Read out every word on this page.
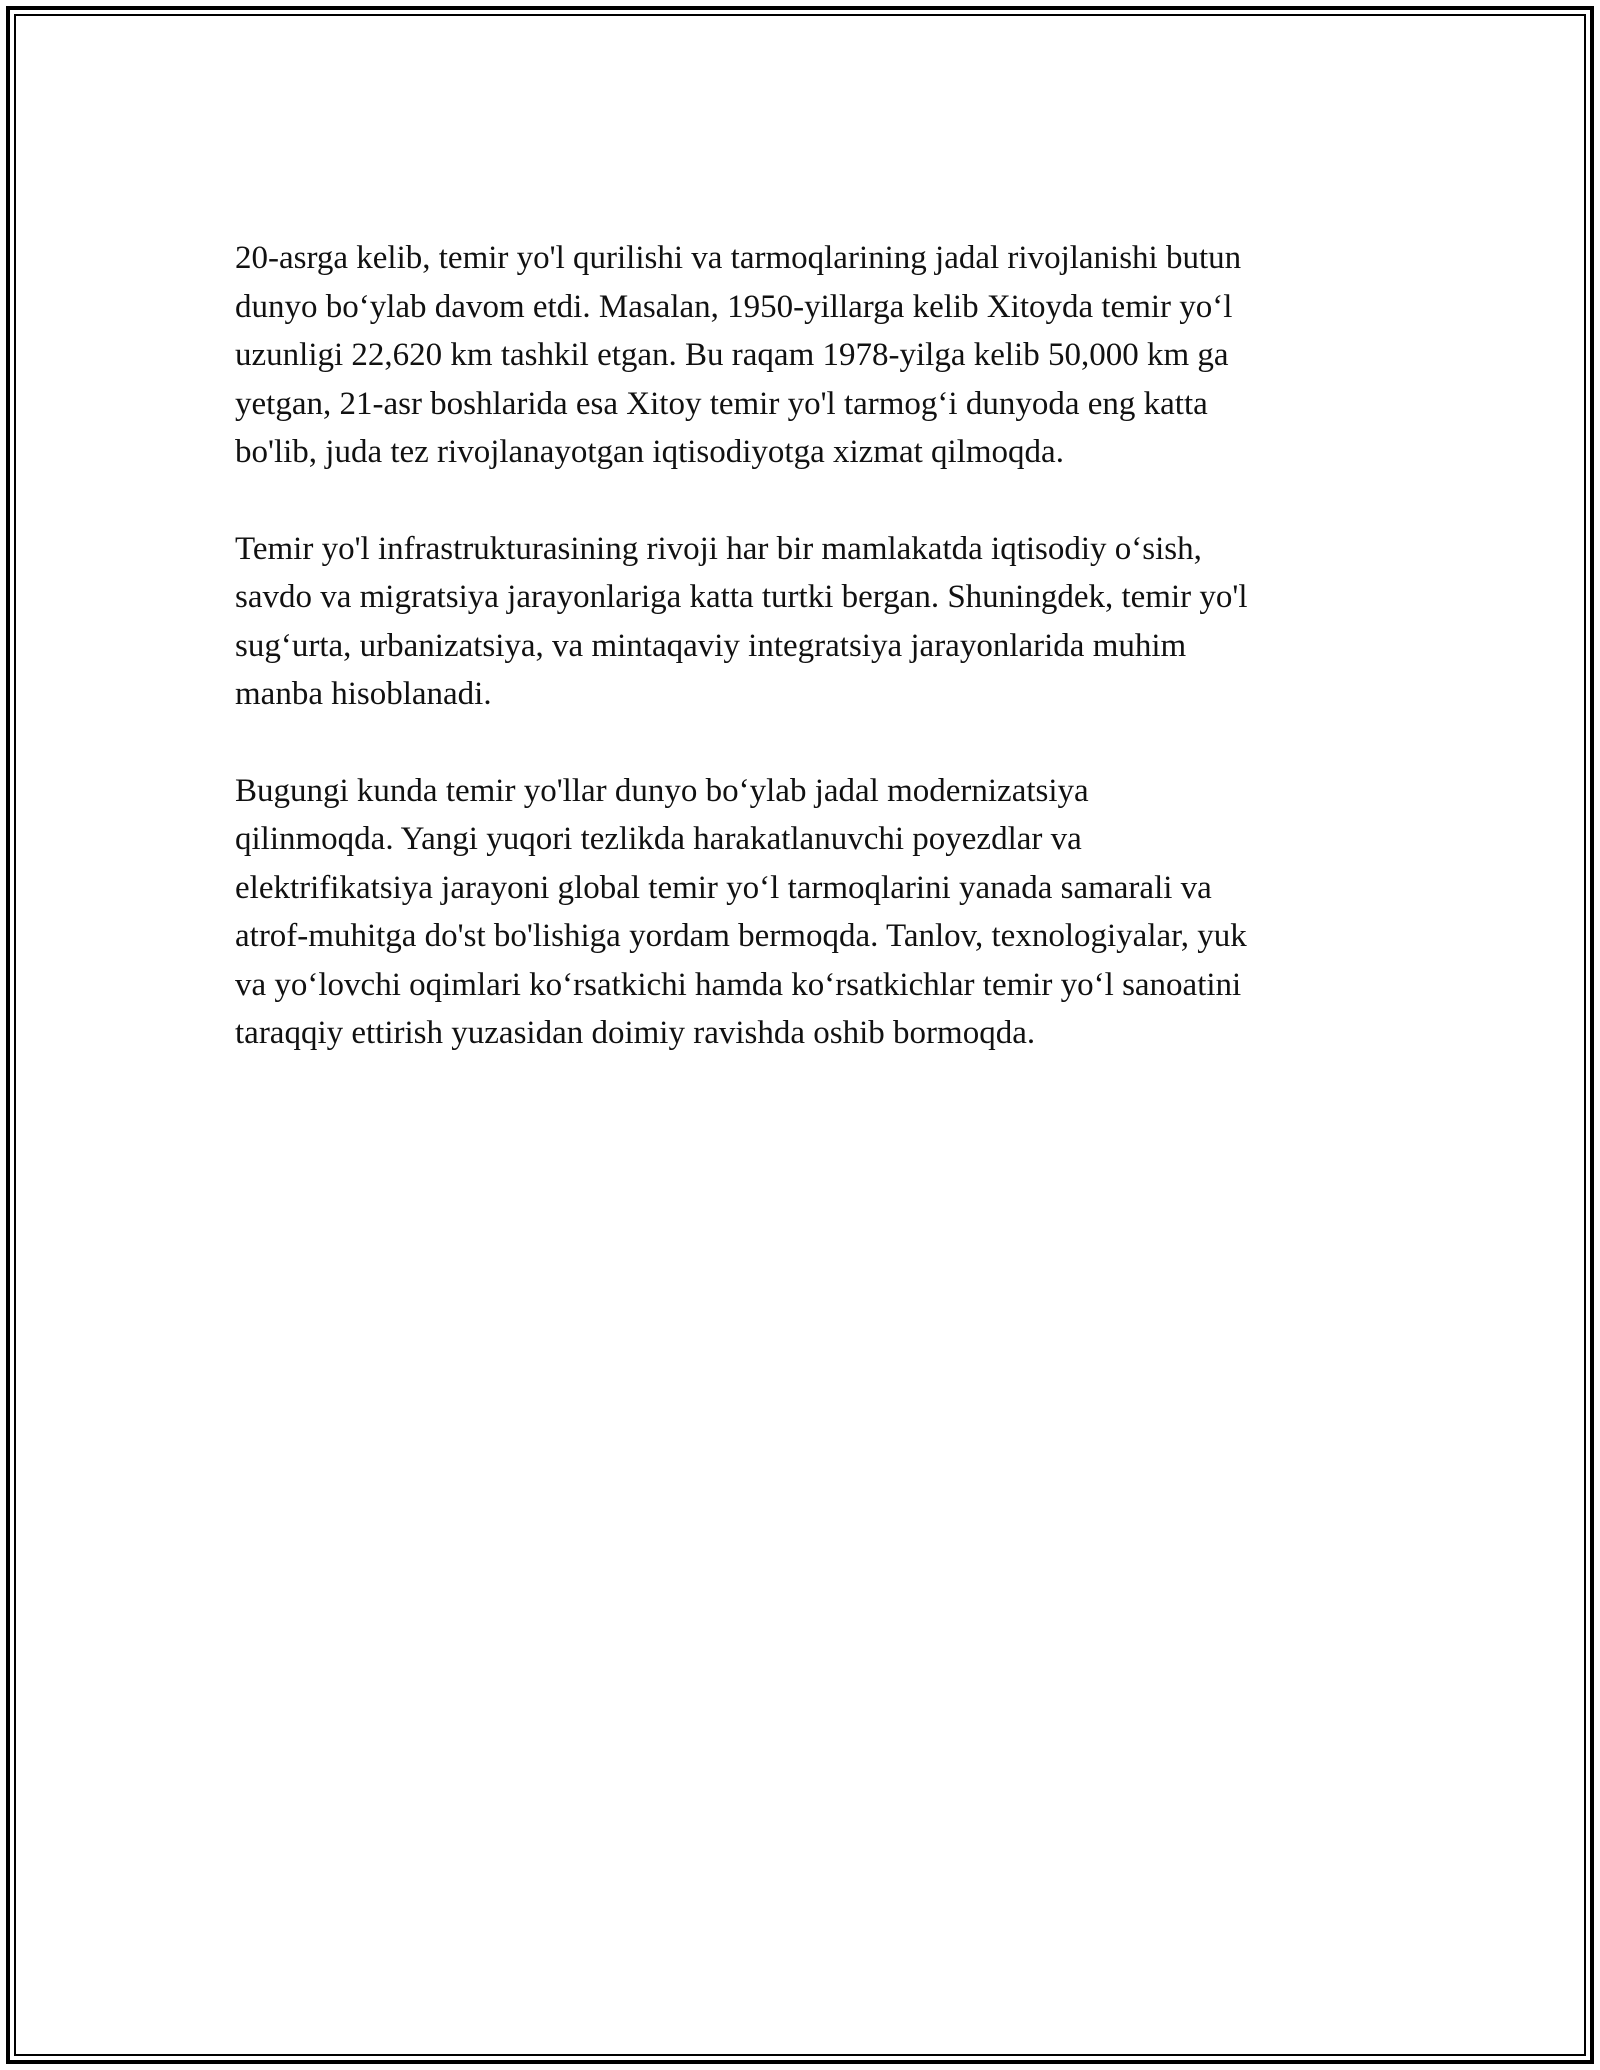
20-asrga kelib, temir yo'l qurilishi va tarmoqlarining jadal rivojlanishi butun
dunyo bo‘ylab davom etdi. Masalan, 1950-yillarga kelib Xitoyda temir yo‘l
uzunligi 22,620 km tashkil etgan. Bu raqam 1978-yilga kelib 50,000 km ga
yetgan, 21-asr boshlarida esa Xitoy temir yo'l tarmog‘i dunyoda eng katta
bo'lib, juda tez rivojlanayotgan iqtisodiyotga xizmat qilmoqda.

Temir yo'l infrastrukturasining rivoji har bir mamlakatda iqtisodiy o‘sish,
savdo va migratsiya jarayonlariga katta turtki bergan. Shuningdek, temir yo'l
sug‘urta, urbanizatsiya, va mintaqaviy integratsiya jarayonlarida muhim
manba hisoblanadi.

Bugungi kunda temir yo'llar dunyo bo‘ylab jadal modernizatsiya
qilinmoqda. Yangi yuqori tezlikda harakatlanuvchi poyezdlar va
elektrifikatsiya jarayoni global temir yo‘l tarmoqlarini yanada samarali va
atrof-muhitga do'st bo'lishiga yordam bermoqda. Tanlov, texnologiyalar, yuk
va yo‘lovchi oqimlari ko‘rsatkichi hamda ko‘rsatkichlar temir yo‘l sanoatini
taraqqiy ettirish yuzasidan doimiy ravishda oshib bormoqda.
